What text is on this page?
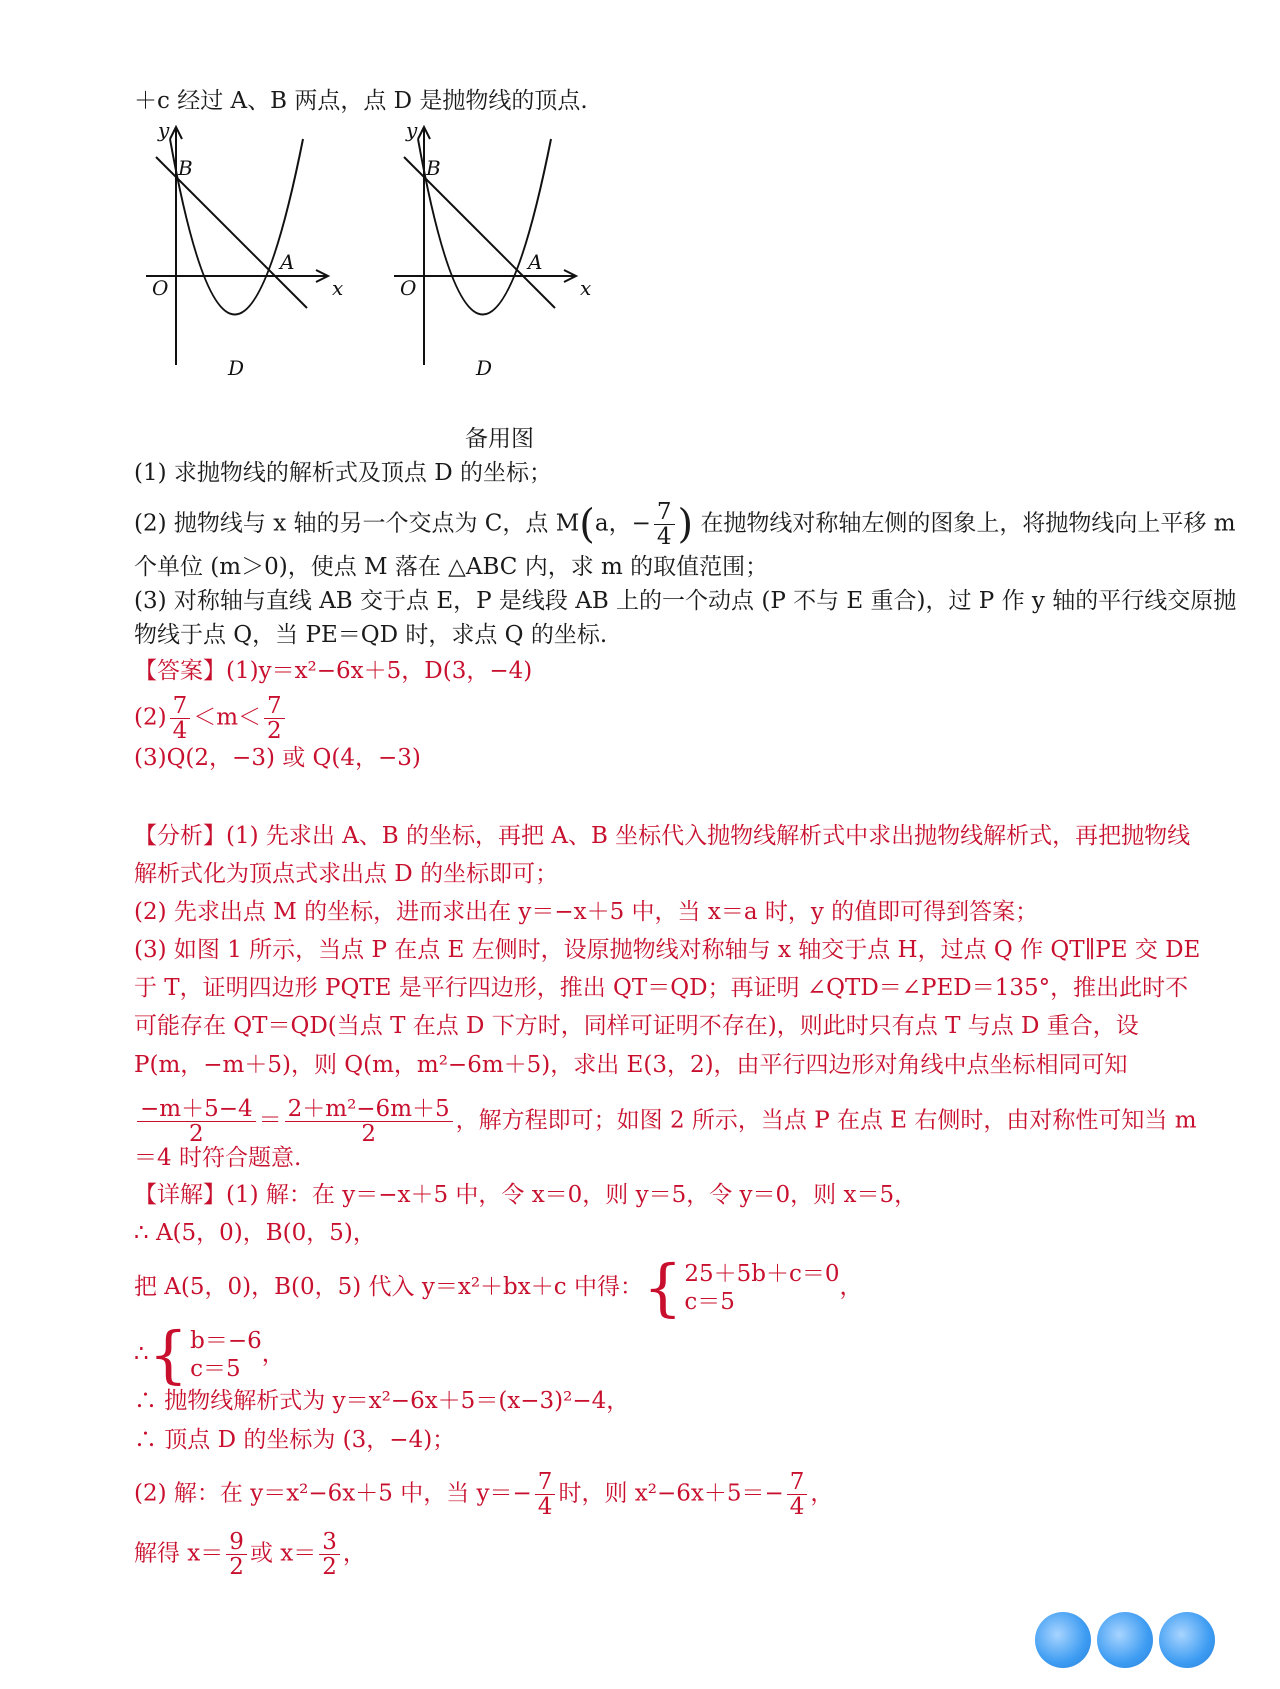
＋c 经过 A、B 两点，点 D 是抛物线的顶点.
y
x
O
B
A
D
y
x
O
B
A
D
备用图
(1) 求抛物线的解析式及顶点 D 的坐标；
(2) 抛物线与 x 轴的另一个交点为 C，点 M(a，− $\frac{7}{4}$ ) 在抛物线对称轴左侧的图象上，将抛物线向上平移 m
个单位 (m＞0)，使点 M 落在 △ABC 内，求 m 的取值范围；
(3) 对称轴与直线 AB 交于点 E，P 是线段 AB 上的一个动点 (P 不与 E 重合)，过 P 作 y 轴的平行线交原抛
物线于点 Q，当 PE＝QD 时，求点 Q 的坐标.
【答案】(1)y＝x²−6x＋5，D(3，−4)
$(2) \frac{7}{4} <m< \frac{7}{2}$
(3)Q(2，−3) 或 Q(4，−3)
【分析】(1) 先求出 A、B 的坐标，再把 A、B 坐标代入抛物线解析式中求出抛物线解析式，再把抛物线
解析式化为顶点式求出点 D 的坐标即可；
(2) 先求出点 M 的坐标，进而求出在 y＝−x＋5 中，当 x＝a 时，y 的值即可得到答案；
(3) 如图 1 所示，当点 P 在点 E 左侧时，设原抛物线对称轴与 x 轴交于点 H，过点 Q 作 QT∥PE 交 DE
于 T，证明四边形 PQTE 是平行四边形，推出 QT＝QD；再证明 ∠QTD＝∠PED＝135°，推出此时不
可能存在 QT＝QD(当点 T 在点 D 下方时，同样可证明不存在)，则此时只有点 T 与点 D 重合，设
P(m，−m＋5)，则 Q(m，m²−6m＋5)，求出 E(3，2)，由平行四边形对角线中点坐标相同可知
$\frac{-m+5-4}{2} = \frac{\text{2＋m²−6m＋5}}{2}$ ，解方程即可；如图 2 所示，当点 P 在点 E 右侧时，由对称性可知当 m
＝4 时符合题意.
【详解】(1) 解：在 y＝−x＋5 中，令 x＝0，则 y＝5，令 y＝0，则 x＝5，
∴ A(5，0)，B(0，5)，
把 A(5，0)，B(0，5) 代入 y＝x²＋bx＋c 中得： { 25＋5b＋c＝0
c＝5
，
∴ { b＝−6
c＝5
，
∴ 抛物线解析式为 y＝x²−6x＋5＝(x−3)²−4，
∴ 顶点 D 的坐标为 (3，−4)；
(2) 解：在 y＝x²−6x＋5 中，当 $y=- \frac{7}{4}$ 时，则 $x^2-6x+5=- \frac{7}{4}$ ，
解得 $x= \frac{9}{2}$ 或 $x= \frac{3}{2}$ ，
